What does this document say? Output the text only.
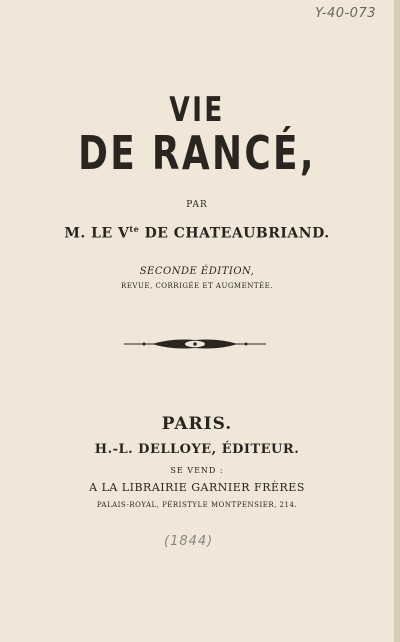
Y-40-073
VIE
DE RANCÉ,
PAR
M. LE $V^{te}$ DE CHATEAUBRIAND.
SECONDE ÉDITION,
REVUE, CORRIGÉE ET AUGMENTÉE.
PARIS.
H.-L. DELLOYE, ÉDITEUR.
SE VEND :
A LA LIBRAIRIE GARNIER FRÈRES
PALAIS-ROYAL, PÉRISTYLE MONTPENSIER, 214.
(1844)
